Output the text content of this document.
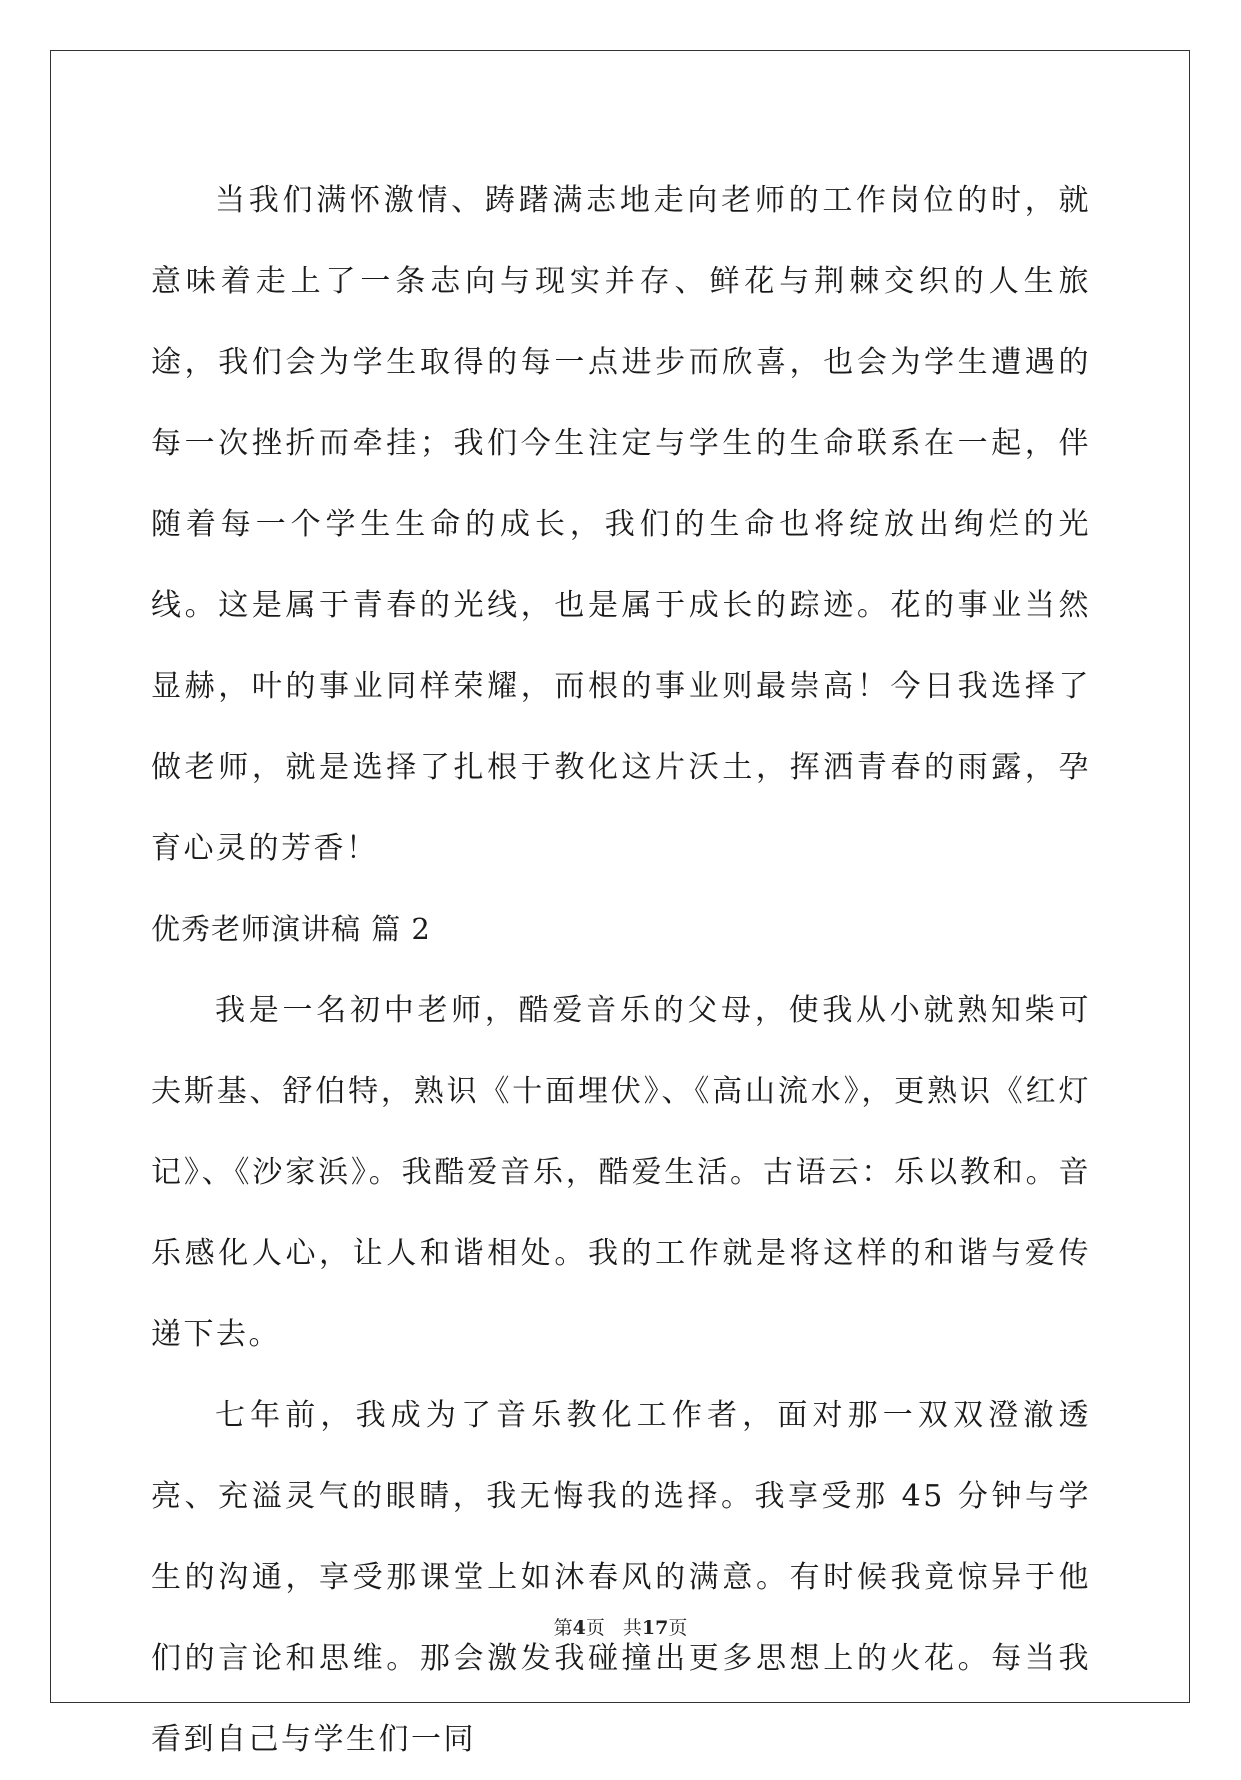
当我们满怀激情、踌躇满志地走向老师的工作岗位的时，就意味着走上了一条志向与现实并存、鲜花与荆棘交织的人生旅途，我们会为学生取得的每一点进步而欣喜，也会为学生遭遇的每一次挫折而牵挂；我们今生注定与学生的生命联系在一起，伴随着每一个学生生命的成长，我们的生命也将绽放出绚烂的光线。这是属于青春的光线，也是属于成长的踪迹。花的事业当然显赫，叶的事业同样荣耀，而根的事业则最崇高！今日我选择了做老师，就是选择了扎根于教化这片沃土，挥洒青春的雨露，孕育心灵的芳香！

优秀老师演讲稿 篇 2

我是一名初中老师，酷爱音乐的父母，使我从小就熟知柴可夫斯基、舒伯特，熟识《十面埋伏》、《高山流水》，更熟识《红灯记》、《沙家浜》。我酷爱音乐，酷爱生活。古语云：乐以教和。音乐感化人心，让人和谐相处。我的工作就是将这样的和谐与爱传递下去。

七年前，我成为了音乐教化工作者，面对那一双双澄澈透亮、充溢灵气的眼睛，我无悔我的选择。我享受那 45 分钟与学生的沟通，享受那课堂上如沐春风的满意。有时候我竟惊异于他们的言论和思维。那会激发我碰撞出更多思想上的火花。每当我看到自己与学生们一同

第4页 共17页
